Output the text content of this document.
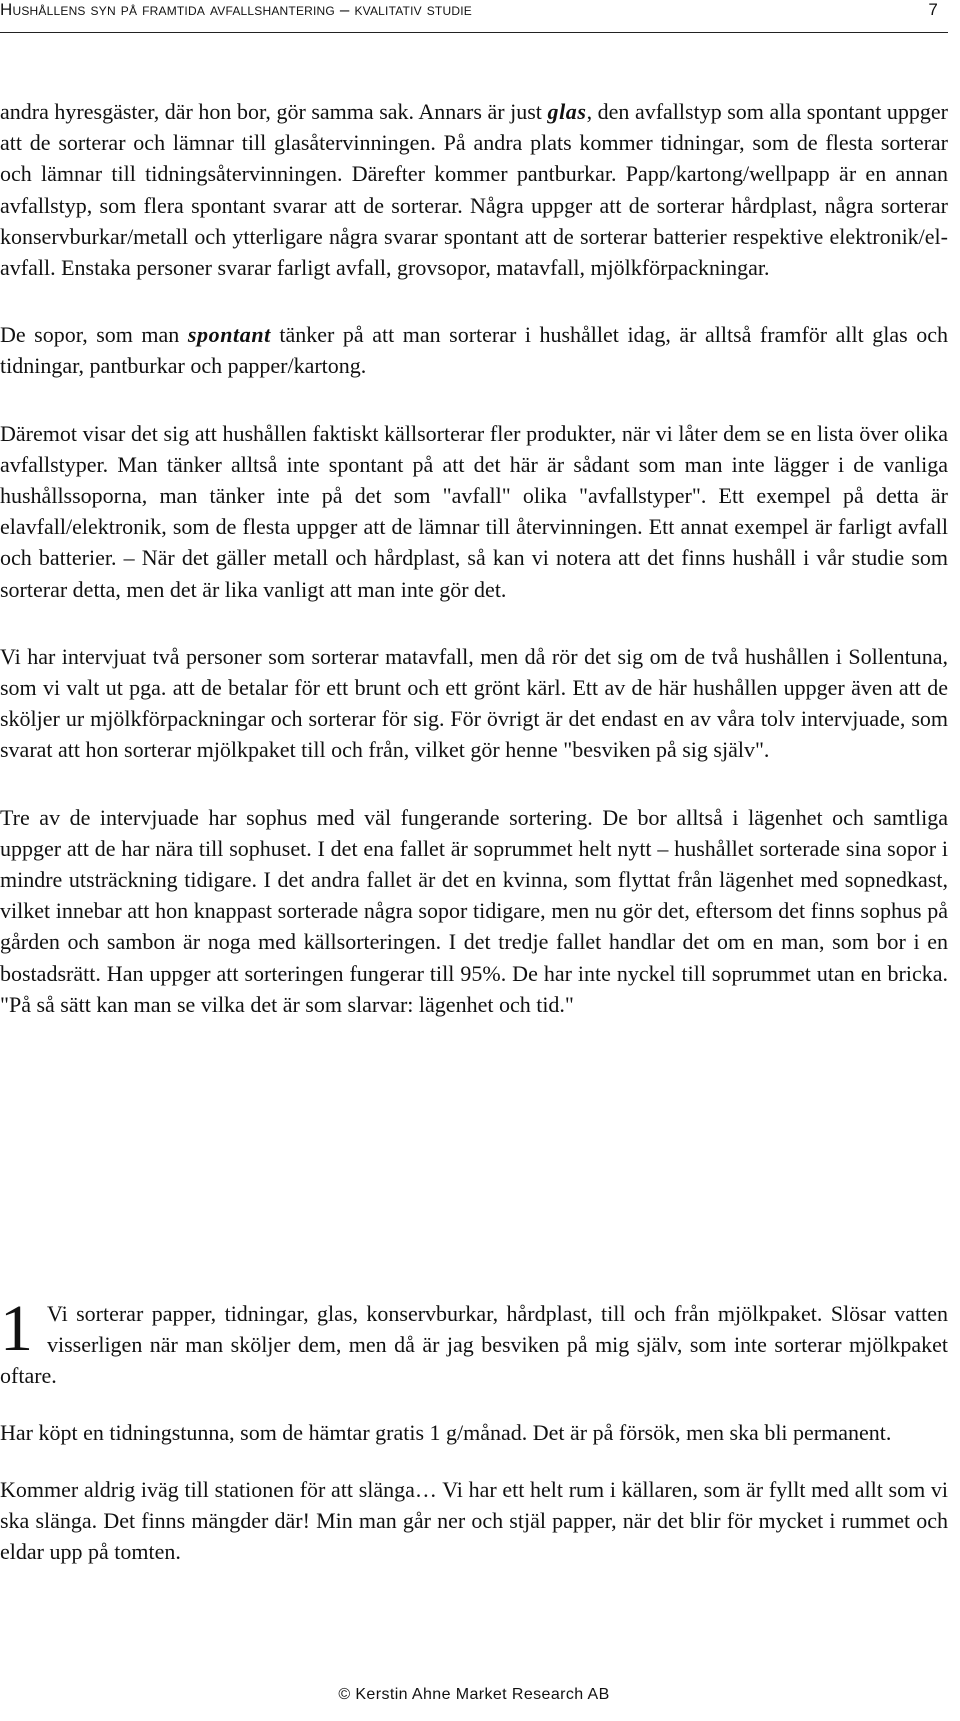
Hushållens syn på framtida avfallshantering – kvalitativ studie	7

andra hyresgäster, där hon bor, gör samma sak. Annars är just glas, den avfallstyp som alla spontant uppger att de sorterar och lämnar till glasåtervinningen. På andra plats kommer tidningar, som de flesta sorterar och lämnar till tidningsåtervinningen. Därefter kommer pantburkar. Papp/kartong/wellpapp är en annan avfallstyp, som flera spontant svarar att de sorterar. Några uppger att de sorterar hårdplast, några sorterar konservburkar/metall och ytterligare några svarar spontant att de sorterar batterier respektive elektronik/el-avfall. Enstaka personer svarar farligt avfall, grovsopor, matavfall, mjölkförpackningar.

De sopor, som man spontant tänker på att man sorterar i hushållet idag, är alltså framför allt glas och tidningar, pantburkar och papper/kartong.

Däremot visar det sig att hushållen faktiskt källsorterar fler produkter, när vi låter dem se en lista över olika avfallstyper. Man tänker alltså inte spontant på att det här är sådant som man inte lägger i de vanliga hushållssoporna, man tänker inte på det som "avfall" olika "avfallstyper". Ett exempel på detta är elavfall/elektronik, som de flesta uppger att de lämnar till återvinningen. Ett annat exempel är farligt avfall och batterier. – När det gäller metall och hårdplast, så kan vi notera att det finns hushåll i vår studie som sorterar detta, men det är lika vanligt att man inte gör det.

Vi har intervjuat två personer som sorterar matavfall, men då rör det sig om de två hushållen i Sollentuna, som vi valt ut pga. att de betalar för ett brunt och ett grönt kärl. Ett av de här hushållen uppger även att de sköljer ur mjölkförpackningar och sorterar för sig. För övrigt är det endast en av våra tolv intervjuade, som svarat att hon sorterar mjölkpaket till och från, vilket gör henne "besviken på sig själv".

Tre av de intervjuade har sophus med väl fungerande sortering. De bor alltså i lägenhet och samtliga uppger att de har nära till sophuset. I det ena fallet är soprummet helt nytt – hushållet sorterade sina sopor i mindre utsträckning tidigare. I det andra fallet är det en kvinna, som flyttat från lägenhet med sopnedkast, vilket innebar att hon knappast sorterade några sopor tidigare, men nu gör det, eftersom det finns sophus på gården och sambon är noga med källsorteringen. I det tredje fallet handlar det om en man, som bor i en bostadsrätt. Han uppger att sorteringen fungerar till 95%. De har inte nyckel till soprummet utan en bricka. "På så sätt kan man se vilka det är som slarvar: lägenhet och tid."

1 Vi sorterar papper, tidningar, glas, konservburkar, hårdplast, till och från mjölkpaket. Slösar vatten visserligen när man sköljer dem, men då är jag besviken på mig själv, som inte sorterar mjölkpaket oftare.

Har köpt en tidningstunna, som de hämtar gratis 1 g/månad. Det är på försök, men ska bli permanent.

Kommer aldrig iväg till stationen för att slänga… Vi har ett helt rum i källaren, som är fyllt med allt som vi ska slänga. Det finns mängder där! Min man går ner och stjäl papper, när det blir för mycket i rummet och eldar upp på tomten.

© Kerstin Ahne Market Research AB
